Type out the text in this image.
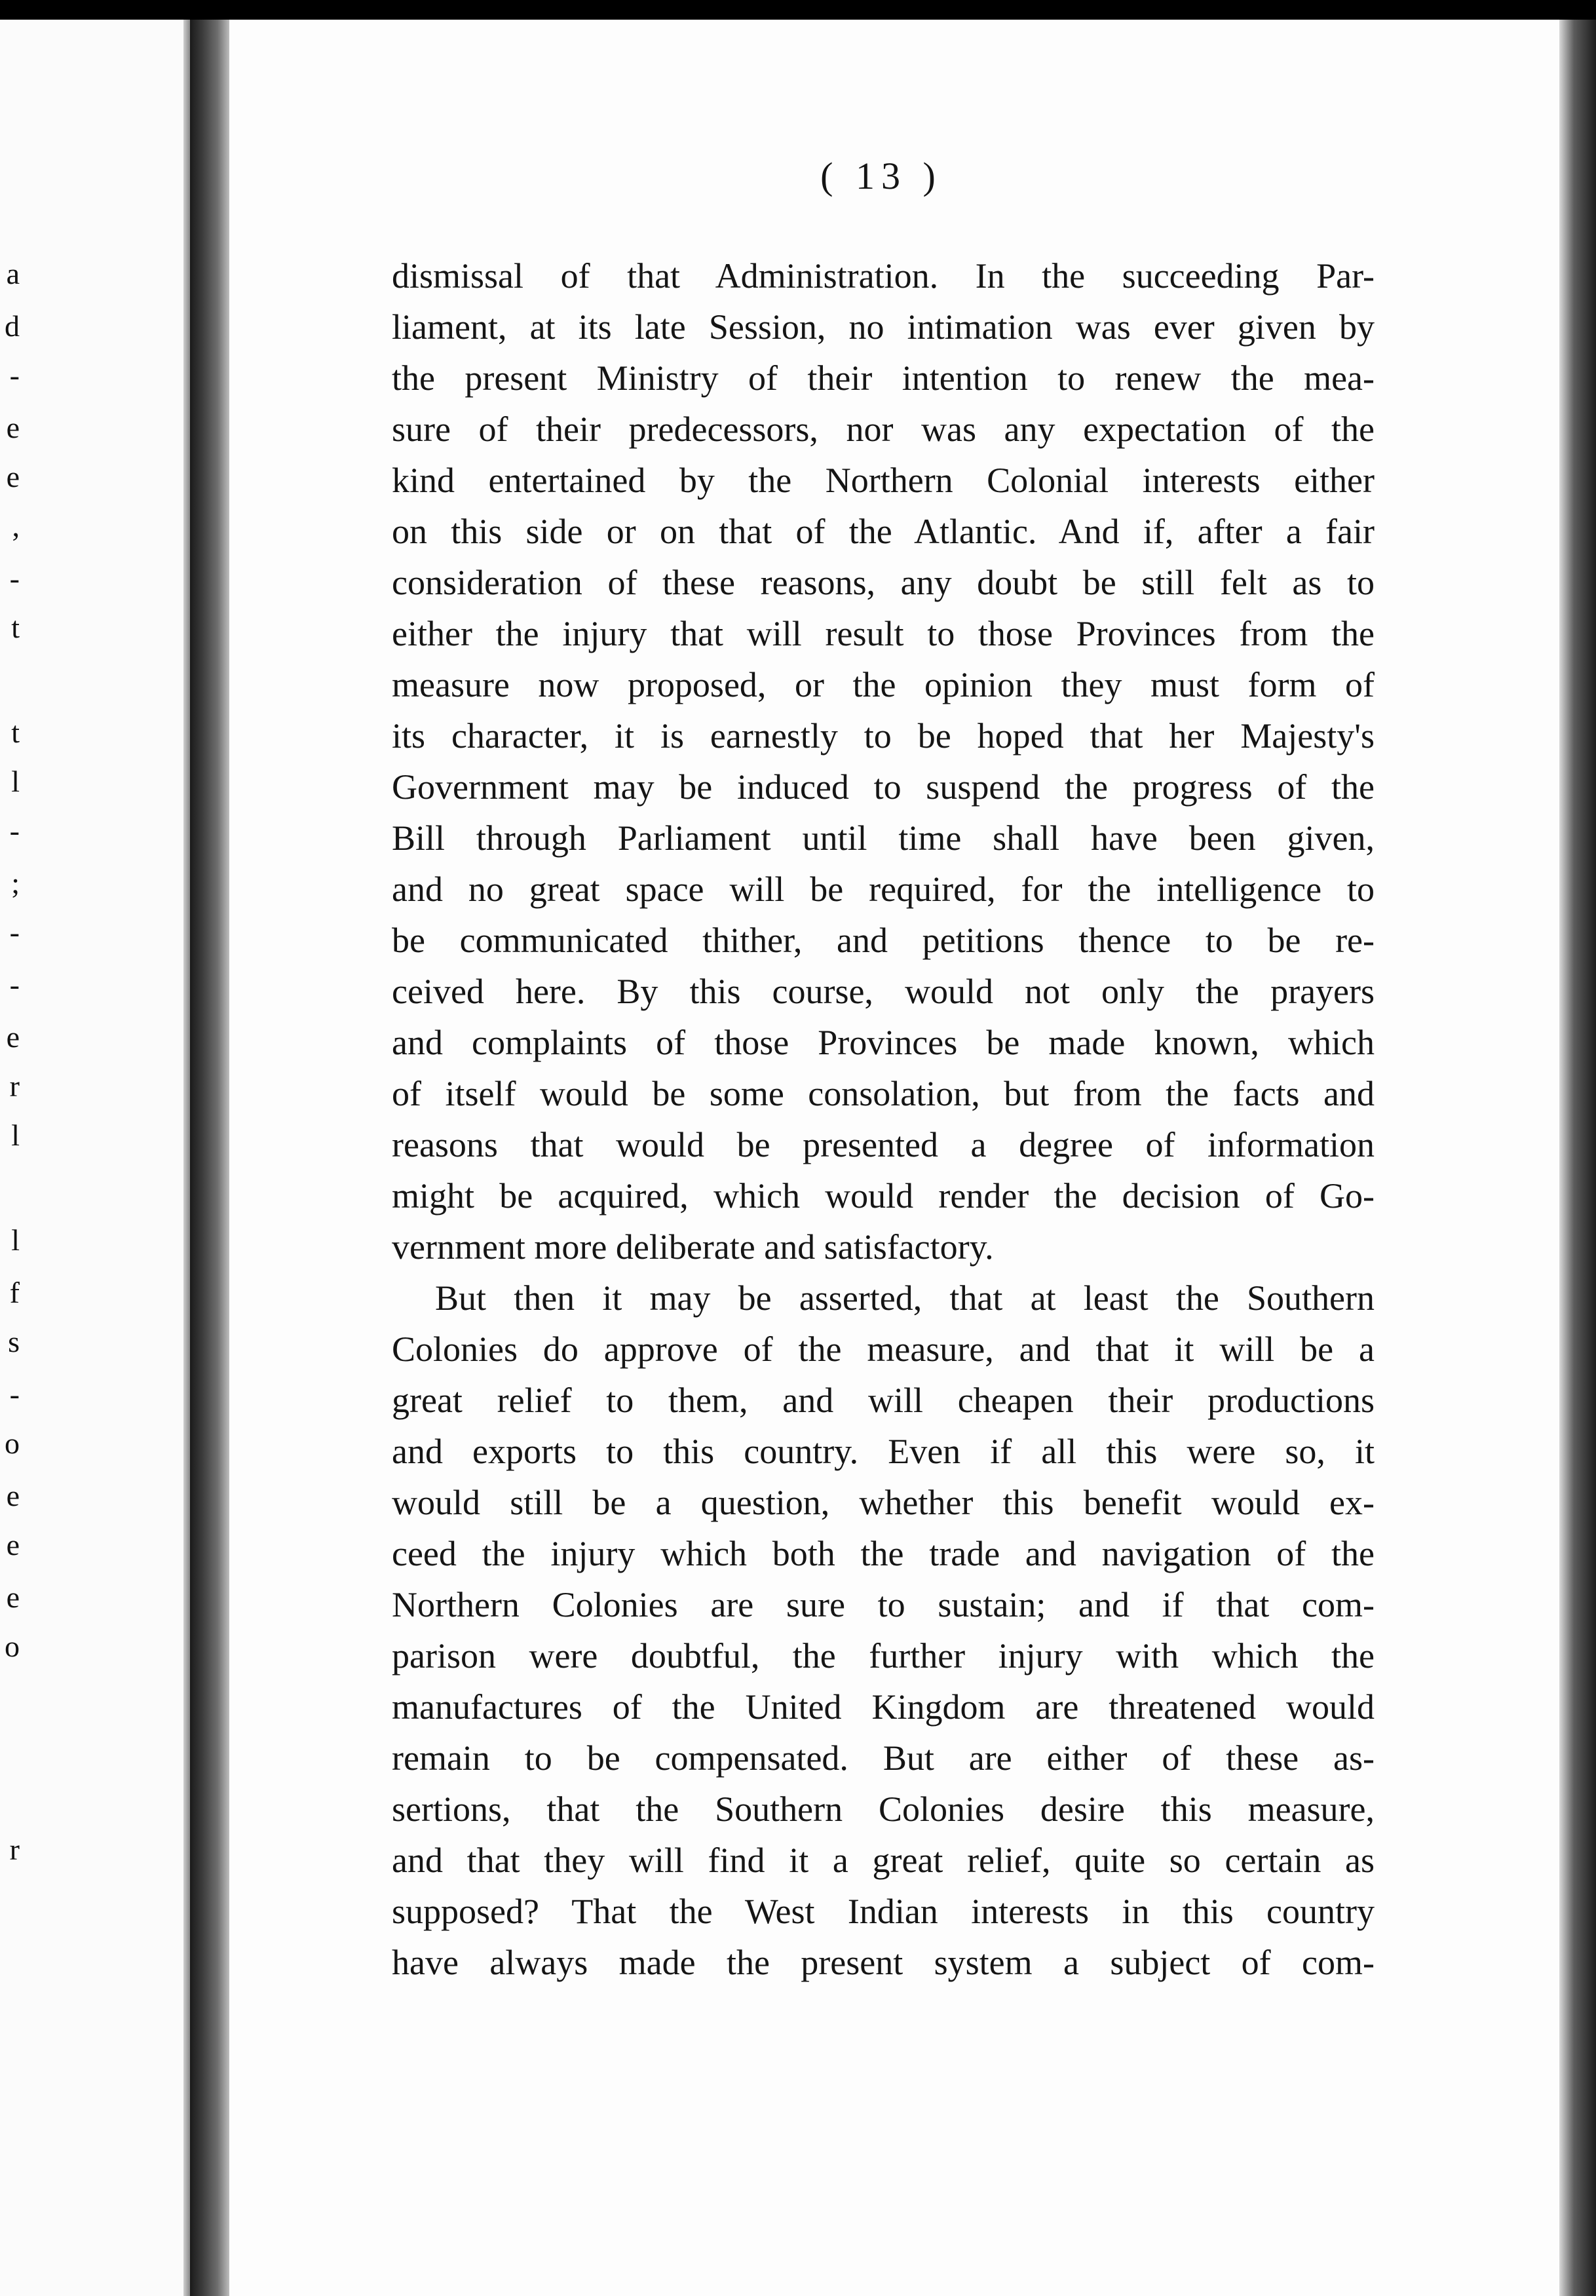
a
d
-
e
e
,
-
t
t
l
-
;
-
-
e
r
l
l
f
s
-
o
e
e
e
o
r
( 13 )
dismissal of that Administration. In the succeeding Par-
liament, at its late Session, no intimation was ever given by
the present Ministry of their intention to renew the mea-
sure of their predecessors, nor was any expectation of the
kind entertained by the Northern Colonial interests either
on this side or on that of the Atlantic. And if, after a fair
consideration of these reasons, any doubt be still felt as to
either the injury that will result to those Provinces from the
measure now proposed, or the opinion they must form of
its character, it is earnestly to be hoped that her Majesty's
Government may be induced to suspend the progress of the
Bill through Parliament until time shall have been given,
and no great space will be required, for the intelligence to
be communicated thither, and petitions thence to be re-
ceived here. By this course, would not only the prayers
and complaints of those Provinces be made known, which
of itself would be some consolation, but from the facts and
reasons that would be presented a degree of information
might be acquired, which would render the decision of Go-
vernment more deliberate and satisfactory.
But then it may be asserted, that at least the Southern
Colonies do approve of the measure, and that it will be a
great relief to them, and will cheapen their productions
and exports to this country. Even if all this were so, it
would still be a question, whether this benefit would ex-
ceed the injury which both the trade and navigation of the
Northern Colonies are sure to sustain; and if that com-
parison were doubtful, the further injury with which the
manufactures of the United Kingdom are threatened would
remain to be compensated. But are either of these as-
sertions, that the Southern Colonies desire this measure,
and that they will find it a great relief, quite so certain as
supposed? That the West Indian interests in this country
have always made the present system a subject of com-
